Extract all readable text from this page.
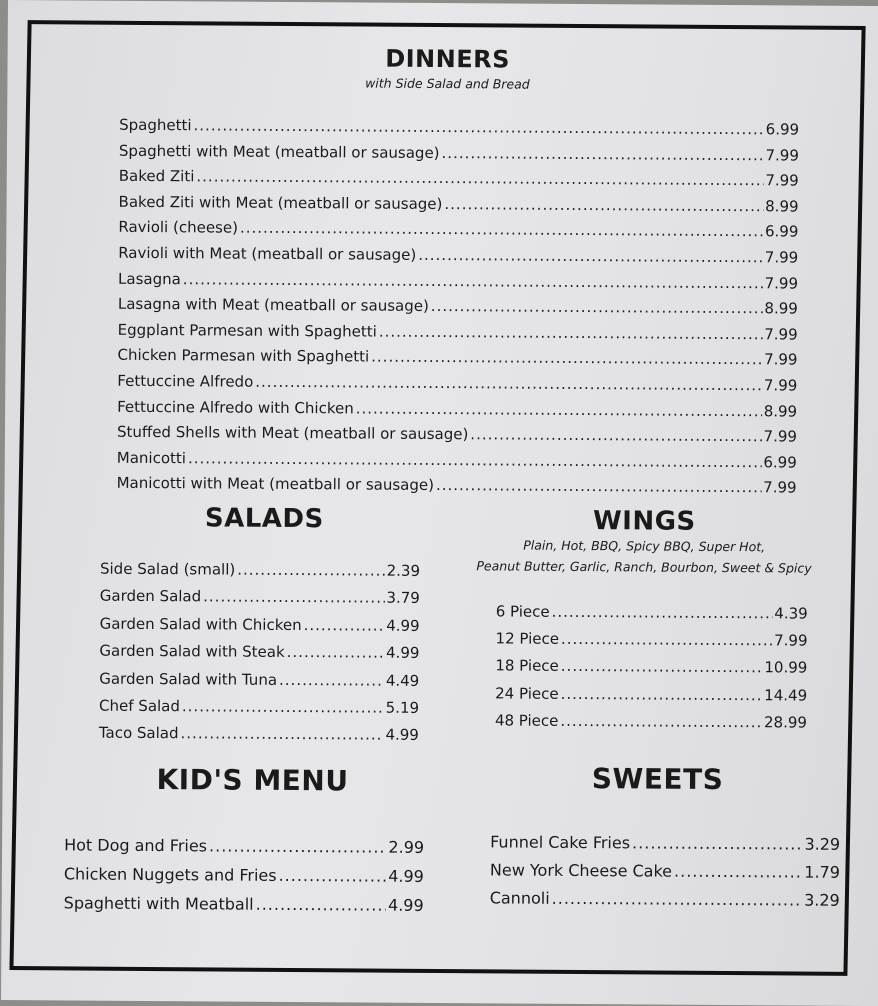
DINNERS
with Side Salad and Bread
Spaghetti .....	6.99
Spaghetti with Meat (meatball or sausage) .....	7.99
Baked Ziti .....	7.99
Baked Ziti with Meat (meatball or sausage) .....	8.99
Ravioli (cheese) .....	6.99
Ravioli with Meat (meatball or sausage) .....	7.99
Lasagna .....	7.99
Lasagna with Meat (meatball or sausage) .....	8.99
Eggplant Parmesan with Spaghetti .....	7.99
Chicken Parmesan with Spaghetti .....	7.99
Fettuccine Alfredo .....	7.99
Fettuccine Alfredo with Chicken .....	8.99
Stuffed Shells with Meat (meatball or sausage) .....	7.99
Manicotti .....	6.99
Manicotti with Meat (meatball or sausage) .....	7.99
SALADS
Side Salad (small) .....	2.39
Garden Salad .....	3.79
Garden Salad with Chicken .....	4.99
Garden Salad with Steak .....	4.99
Garden Salad with Tuna .....	4.49
Chef Salad .....	5.19
Taco Salad .....	4.99
WINGS
Plain, Hot, BBQ, Spicy BBQ, Super Hot,
Peanut Butter, Garlic, Ranch, Bourbon, Sweet & Spicy
6 Piece .....	4.39
12 Piece .....	7.99
18 Piece .....	10.99
24 Piece .....	14.49
48 Piece .....	28.99
KID'S MENU
Hot Dog and Fries .....	2.99
Chicken Nuggets and Fries .....	4.99
Spaghetti with Meatball .....	4.99
SWEETS
Funnel Cake Fries .....	3.29
New York Cheese Cake .....	1.79
Cannoli .....	3.29
